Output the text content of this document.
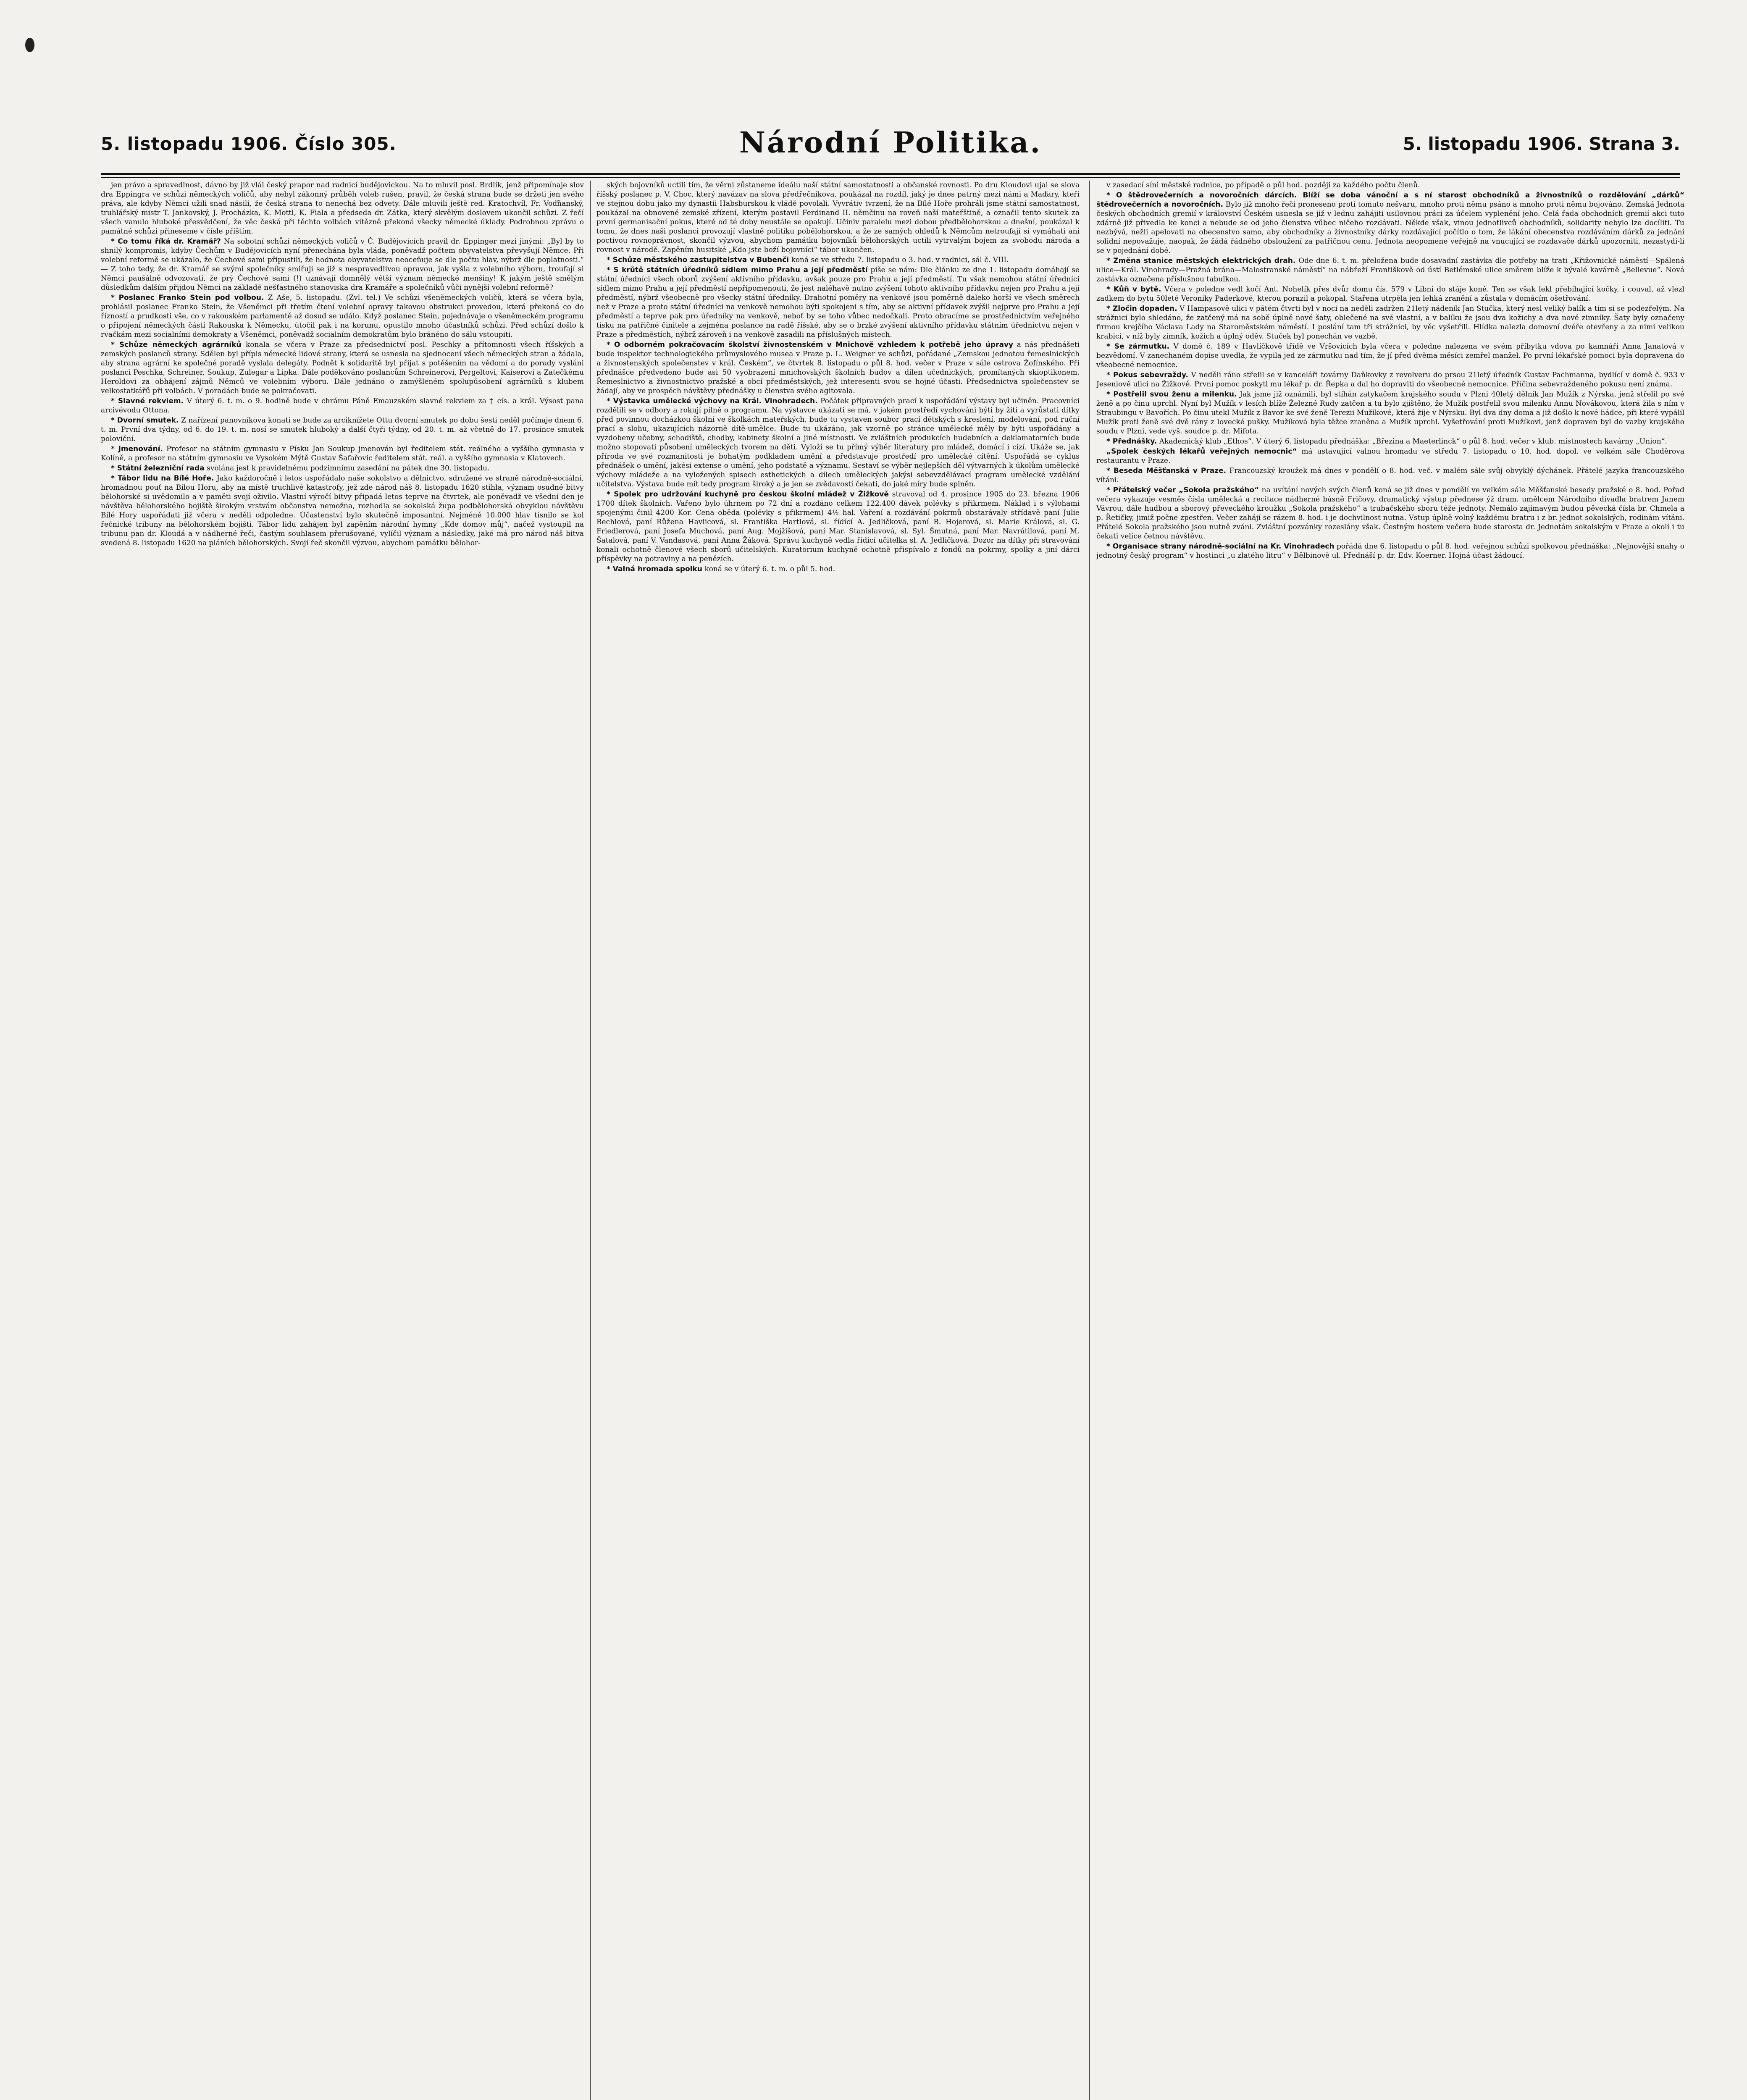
5. listopadu 1906. Číslo 305.	Národní Politika.	5. listopadu 1906. Strana 3.

jen právo a spravedlnost, dávno by již vlál český prapor nad radnicí budějovickou. Na to mluvil posl. Brdlík, jenž připomínaje slov dra Eppingra ve schůzi německých voličů, aby nebyl zákonný průběh voleb rušen, pravil, že česká strana bude se držeti jen svého práva, ale kdyby Němci užili snad násilí, že česká strana to nenechá bez odvety. Dále mluvili ještě red. Kratochvíl, Fr. Voďňanský, truhlářský mistr T. Jankovský, J. Procházka, K. Mottl, K. Fiala a předseda dr. Zátka, který skvělým doslovem ukončil schůzi. Z řečí všech vanulo hluboké přesvědčení, že věc česká při těchto volbách vítězně překoná všecky německé úklady. Podrobnou zprávu o památné schůzi přineseme v čísle příštím.

* Co tomu říká dr. Kramář? Na sobotní schůzi německých voličů v Č. Budějovicích pravil dr. Eppinger mezi jinými: „Byl by to shnilý kompromis, kdyby Čechům v Budějovicích nyní přenechána byla vláda, poněvadž počtem obyvatelstva převyšují Němce. Při volební reformě se ukázalo, že Čechové sami připustili, že hodnota obyvatelstva neoceňuje se dle počtu hlav, nýbrž dle poplatnosti.“ — Z toho tedy, že dr. Kramář se svými společníky smiřuji se již s nespravedlivou opravou, jak vyšla z volebního výboru, troufají si Němci paušálně odvozovati, že prý Čechové sami (!) uznávají domnělý větší význam německé menšiny! K jakým ještě smělým důsledkům dalším přijdou Němci na základě nešťastného stanoviska dra Kramáře a společníků vůči nynější volební reformě?

* Poslanec Franko Stein pod volbou. Z Aše, 5. listopadu. (Zvl. tel.) Ve schůzi všeněmeckých voličů, která se včera byla, prohlásil poslanec Franko Stein, že Všeněmci při třetím čtení volební opravy takovou obstrukci provedou, která překoná co do řízností a prudkosti vše, co v rakouském parlamentě až dosud se událo. Když poslanec Stein, pojednávaje o všeněmeckém programu o připojení německých částí Rakouska k Německu, útočil pak i na korunu, opustilo mnoho účastníků schůzi. Před schůzí došlo k rvačkám mezi socialními demokraty a Všeněmci, poněvadž socialním demokratům bylo bráněno do sálu vstoupiti.

* Schůze německých agrárníků konala se včera v Praze za předsednictví posl. Peschky a přítomnosti všech říšských a zemských poslanců strany. Sdělen byl přípis německé lidové strany, která se usnesla na sjednocení všech německých stran a žádala, aby strana agrární ke společné poradě vyslala delegáty. Podnět k solidaritě byl přijat s potěšením na vědomí a do porady vysláni poslanci Peschka, Schreiner, Soukup, Zulegar a Lipka. Dále poděkováno poslancům Schreinerovi, Pergeltovi, Kaiserovi a Zatečkému Heroldovi za obhájení zájmů Němců ve volebním výboru. Dále jednáno o zamýšleném spolupůsobení agrárníků s klubem velkostatkářů při volbách. V poradách bude se pokračovati.

* Slavné rekviem. V úterý 6. t. m. o 9. hodině bude v chrámu Páně Emauzském slavné rekviem za † cís. a král. Výsost pana arcivévodu Ottona.

* Dvorní smutek. Z nařízení panovníkova konati se bude za arciknížete Ottu dvorní smutek po dobu šesti neděl počínaje dnem 6. t. m. První dva týdny, od 6. do 19. t. m. nosí se smutek hluboký a další čtyři týdny, od 20. t. m. až včetně do 17. prosince smutek poloviční.

* Jmenování. Profesor na státním gymnasiu v Písku Jan Soukup jmenován byl ředitelem stát. reálného a vyššího gymnasia v Kolíně, a profesor na státním gymnasiu ve Vysokém Mýtě Gustav Šafařovic ředitelem stát. reál. a vyššího gymnasia v Klatovech.

* Státní železniční rada svolána jest k pravidelnému podzimnímu zasedání na pátek dne 30. listopadu.

* Tábor lidu na Bílé Hoře. Jako každoročně i letos uspořádalo naše sokolstvo a dělnictvo, sdružené ve straně národně-sociální, hromadnou pouť na Bílou Horu, aby na místě truchlivé katastrofy, jež zde národ náš 8. listopadu 1620 stihla, význam osudné bitvy bělohorské si uvědomilo a v paměti svojí oživilo. Vlastní výročí bitvy připadá letos teprve na čtvrtek, ale poněvadž ve všední den je návštěva bělohorského bojiště širokým vrstvám občanstva nemožna, rozhodla se sokolská župa podbělohorská obvyklou návštěvu Bílé Hory uspořádati již včera v neděli odpoledne. Účastenství bylo skutečně imposantní. Nejméně 10.000 hlav tísnilo se kol řečnické tribuny na bělohorském bojišti. Tábor lidu zahájen byl zapěním národní hymny „Kde domov můj“, načež vystoupil na tribunu pan dr. Kloudá a v nádherné řeči, častým souhlasem přerušované, vylíčil význam a následky, jaké má pro národ náš bitva svedená 8. listopadu 1620 na pláních bělohorských. Svojí řeč skončil výzvou, abychom památku bělohor-

ských bojovníků uctili tím, že věrni zůstaneme ideálu naší státní samostatnosti a občanské rovnosti. Po dru Kloudovi ujal se slova říšský poslanec p. V. Choc, který navázav na slova předřečníkova, poukázal na rozdíl, jaký je dnes patrný mezi námi a Maďary, kteří ve stejnou dobu jako my dynastii Habsburskou k vládě povolali. Vyvrátiv tvrzení, že na Bílé Hoře prohráli jsme státní samostatnost, poukázal na obnovené zemské zřízení, kterým postavil Ferdinand II. němčinu na roveň naší mateřštině, a označil tento skutek za první germanisační pokus, které od té doby neustále se opakují. Učiniv paralelu mezi dobou předbělohorskou a dnešní, poukázal k tomu, že dnes naši poslanci provozují vlastně politiku pobělohorskou, a že ze samých ohledů k Němcům netroufají si vymáhati ani poctivou rovnoprávnost, skončil výzvou, abychom památku bojovníků bělohorských uctili vytrvalým bojem za svobodu národa a rovnost v národě. Zapěním husitské „Kdo jste boží bojovníci“ tábor ukončen.

* Schůze městského zastupitelstva v Bubenči koná se ve středu 7. listopadu o 3. hod. v radnici, sál č. VIII.

* S krůtě státních úředníků sídlem mimo Prahu a její předměstí píše se nám: Dle článku ze dne 1. listopadu domáhají se státní úředníci všech oborů zvýšení aktivního přídavku, avšak pouze pro Prahu a její předměstí. Tu však nemohou státní úředníci sídlem mimo Prahu a její předměstí nepřipomenouti, že jest naléhavě nutno zvýšení tohoto aktivního přídavku nejen pro Prahu a její předměstí, nýbrž všeobecně pro všecky státní úředníky. Drahotní poměry na venkově jsou poměrně daleko horší ve všech směrech než v Praze a proto státní úředníci na venkově nemohou býti spokojeni s tím, aby se aktivní přídavek zvýšil nejprve pro Prahu a její předměstí a teprve pak pro úředníky na venkově, neboť by se toho vůbec nedočkali. Proto obracíme se prostřednictvím veřejného tisku na patřičné činitele a zejména poslance na radě říšské, aby se o brzké zvýšení aktivního přídavku státním úředníctvu nejen v Praze a předměstích, nýbrž zároveň i na venkově zasadili na příslušných místech.

* O odborném pokračovacím školství živnostenském v Mnichově vzhledem k potřebě jeho úpravy a nás přednášeti bude inspektor technologického průmyslového musea v Praze p. L. Weigner ve schůzi, pořádané „Zemskou jednotou řemeslnických a živnostenských společenstev v král. Českém“, ve čtvrtek 8. listopadu o půl 8. hod. večer v Praze v sále ostrova Žofínského. Při přednášce předvedeno bude asi 50 vyobrazení mnichovských školních budov a dílen učednických, promítaných skioptikonem. Řemeslnictvo a živnostnictvo pražské a obcí předměstských, jež interesenti svou se hojné účasti. Předsednictva společenstev se žádají, aby ve prospěch návštěvy přednášky u členstva svého agitovala.

* Výstavka umělecké výchovy na Král. Vinohradech. Počátek připravných prací k uspořádání výstavy byl učiněn. Pracovníci rozdělili se v odbory a rokují pilně o programu. Na výstavce ukázati se má, v jakém prostředí vychováni býti by žíti a vyrůstati dítky před povinnou docházkou školní ve školkách mateřských, bude tu vystaven soubor prací dětských s kreslení, modelování, pod ruční prací a slohu, ukazujících názorně dítě-umělce. Bude tu ukázáno, jak vzorně po stránce umělecké měly by býti uspořádány a vyzdobeny učebny, schodiště, chodby, kabinety školní a jiné místnosti. Ve zvláštních produkcích hudebních a deklamatorních bude možno stopovati působení uměleckých tvorem na děti. Vyloží se tu přímý výběr literatury pro mládež, domácí i cizí. Ukáže se, jak příroda ve své rozmanitosti je bohatým podkladem umění a představuje prostředí pro umělecké cítění. Uspořádá se cyklus přednášek o umění, jakési extense o umění, jeho podstatě a významu. Sestaví se výběr nejlepších děl výtvarných k úkolům umělecké výchovy mládeže a na vyložených spisech esthetických a dílech uměleckých jakýsi sebevzdělávací program umělecké vzdělání učitelstva. Výstava bude mít tedy program široký a je jen se zvědavostí čekati, do jaké míry bude splněn.

* Spolek pro udržování kuchyně pro českou školní mládež v Žižkově stravoval od 4. prosince 1905 do 23. března 1906 1700 dítek školních. Vařeno bylo úhrnem po 72 dní a rozdáno celkem 122.400 dávek polévky s přikrmem. Náklad i s výlohami spojenými činil 4200 Kor. Cena oběda (polévky s přikrmem) 4½ hal. Vaření a rozdávání pokrmů obstarávaly střídavě paní Julie Bechlová, paní Růžena Havlicová, sl. Františka Hartlová, sl. řídící A. Jedličková, paní B. Hojerová, sl. Marie Králová, sl. G. Friedlerová, paní Josefa Muchová, paní Aug. Mojžíšová, paní Mar. Stanislavová, sl. Syl. Šmutná, paní Mar. Navrátilová, paní M. Šatalová, paní V. Vandasová, paní Anna Žáková. Správu kuchyně vedla řídící učitelka sl. A. Jedličková. Dozor na dítky při stravování konali ochotně členové všech sborů učitelských. Kuratorium kuchyně ochotně přispívalo z fondů na pokrmy, spolky a jiní dárci příspěvky na potraviny a na penězích.

* Valná hromada spolku koná se v úterý 6. t. m. o půl 5. hod.

v zasedací síni městské radnice, po případě o půl hod. později za každého počtu členů.

* O štědrovečerních a novoročních dárcích. Blíží se doba vánoční a s ní starost obchodníků a živnostníků o rozdělování „dárků“ štědrovečerních a novoročních. Bylo již mnoho řečí proneseno proti tomuto nešvaru, mnoho proti němu psáno a mnoho proti němu bojováno. Zemská Jednota českých obchodních gremií v království Českém usnesla se již v lednu zahájiti usilovnou práci za účelem vyplenění jeho. Celá řada obchodních gremií akci tuto zdárně již přivedla ke konci a nebude se od jeho členstva vůbec ničeho rozdávati. Někde však, vinou jednotlivců obchodníků, solidarity nebylo lze docíliti. Tu nezbývá, nežli apelovati na obecenstvo samo, aby obchodníky a živnostníky dárky rozdávající počítlo o tom, že lákání obecenstva rozdáváním dárků za jednání solidní nepovažuje, naopak, že žádá řádného obsloužení za patřičnou cenu. Jednota neopomene veřejně na vnucující se rozdavače dárků upozorniti, nezastydí-li se v pojednání dobé.

* Změna stanice městských elektrických drah. Ode dne 6. t. m. přeložena bude dosavadní zastávka dle potřeby na trati „Křižovnické náměstí—Spálená ulice—Král. Vinohrady—Pražná brána—Malostranské náměstí“ na nábřeží Františkově od ústí Betlémské ulice směrem blíže k bývalé kavárně „Bellevue“. Nová zastávka označena příslušnou tabulkou.

* Kůň v bytě. Včera v poledne vedl kočí Ant. Nohelík přes dvůr domu čís. 579 v Libni do stáje koně. Ten se však lekl přebíhající kočky, i couval, až vlezl zadkem do bytu 50leté Veroniky Paderkové, kterou porazil a pokopal. Stařena utrpěla jen lehká zranění a zůstala v domácím ošetřování.

* Zločin dopaden. V Hampasově ulici v pátém čtvrti byl v noci na neděli zadržen 21letý nádeník Jan Stučka, který nesl veliký balík a tím si se podezřelým. Na strážnici bylo shledáno, že zatčený má na sobě úplně nové šaty, oblečené na své vlastní, a v balíku že jsou dva kožichy a dva nové zimníky. Šaty byly označeny firmou krejčího Václava Lady na Staroměstském náměstí. I poslání tam tři strážníci, by věc vyšetřili. Hlídka nalezla domovní dvéře otevřeny a za nimi velikou krabici, v níž byly zimník, kožich a úplný oděv. Stuček byl ponechán ve vazbě.

* Se zármutku. V domě č. 189 v Havlíčkově třídě ve Vršovicích byla včera v poledne nalezena ve svém příbytku vdova po kamnáři Anna Janatová v bezvědomí. V zanechaném dopise uvedla, že vypila jed ze zármutku nad tím, že jí před dvěma měsíci zemřel manžel. Po první lékařské pomoci byla dopravena do všeobecné nemocnice.

* Pokus sebevraždy. V neděli ráno střelil se v kanceláři továrny Daňkovky z revolveru do prsou 21letý úředník Gustav Pachmanna, bydlící v domě č. 933 v Jeseniově ulici na Žižkově. První pomoc poskytl mu lékař p. dr. Řepka a dal ho dopraviti do všeobecné nemocnice. Příčina sebevraždeného pokusu není známa.

* Postřelil svou ženu a milenku. Jak jsme již oznámili, byl stíhán zatykačem krajského soudu v Plzni 40letý dělník Jan Mužík z Nýrska, jenž střelil po své ženě a po činu uprchl. Nyní byl Mužík v lesích blíže Železné Rudy zatčen a tu bylo zjištěno, že Mužík postřelil svou milenku Annu Novákovou, která žila s ním v Straubingu v Bavořích. Po činu utekl Mužík z Bavor ke své ženě Terezii Mužíkové, která žije v Nýrsku. Byl dva dny doma a již došlo k nové hádce, při které vypálil Mužík proti ženě své dvě rány z lovecké pušky. Mužíková byla těžce zraněna a Mužík uprchl. Vyšetřování proti Mužíkovi, jenž dopraven byl do vazby krajského soudu v Plzni, vede vyš. soudce p. dr. Mifota.

* Přednášky. Akademický klub „Ethos“. V úterý 6. listopadu přednáška: „Březina a Maeterlinck“ o půl 8. hod. večer v klub. místnostech kavárny „Union“.

„Spolek českých lékařů veřejných nemocnic“ má ustavující valnou hromadu ve středu 7. listopadu o 10. hod. dopol. ve velkém sále Choděrova restaurantu v Praze.

* Beseda Měšťanská v Praze. Francouzský kroužek má dnes v pondělí o 8. hod. več. v malém sále svůj obvyklý dýchánek. Přátelé jazyka francouzského vítáni.

* Přátelský večer „Sokola pražského“ na uvítání nových svých členů koná se již dnes v pondělí ve velkém sále Měšťanské besedy pražské o 8. hod. Pořad večera vykazuje vesměs čísla umělecká a recitace nádherné básně Fričovy, dramatický výstup přednese ýž dram. umělcem Národního divadla bratrem Janem Vávrou, dále hudbou a sborový převeckého kroužku „Sokola pražského“ a trubačského sboru téže jednoty. Nemálo zajímavým budou pěvecká čísla br. Chmela a p. Řetičky, jimiž počne zpestřen. Večer zahájí se rázem 8. hod. i je dochvilnost nutna. Vstup úplně volný každému bratru i z br. jednot sokolských, rodinám vítáni. Přátelé Sokola pražského jsou nutně zváni. Zvláštní pozvánky rozeslány však. Čestným hostem večera bude starosta dr. Jednotám sokolským v Praze a okolí i tu čekati velice četnou návštěvu.

* Organisace strany národně-sociální na Kr. Vinohradech pořádá dne 6. listopadu o půl 8. hod. veřejnou schůzi spolkovou přednáška: „Nejnovější snahy o jednotný český program“ v hostinci „u zlatého litru“ v Bělbinově ul. Přednáší p. dr. Edv. Koerner. Hojná účast žádoucí.
